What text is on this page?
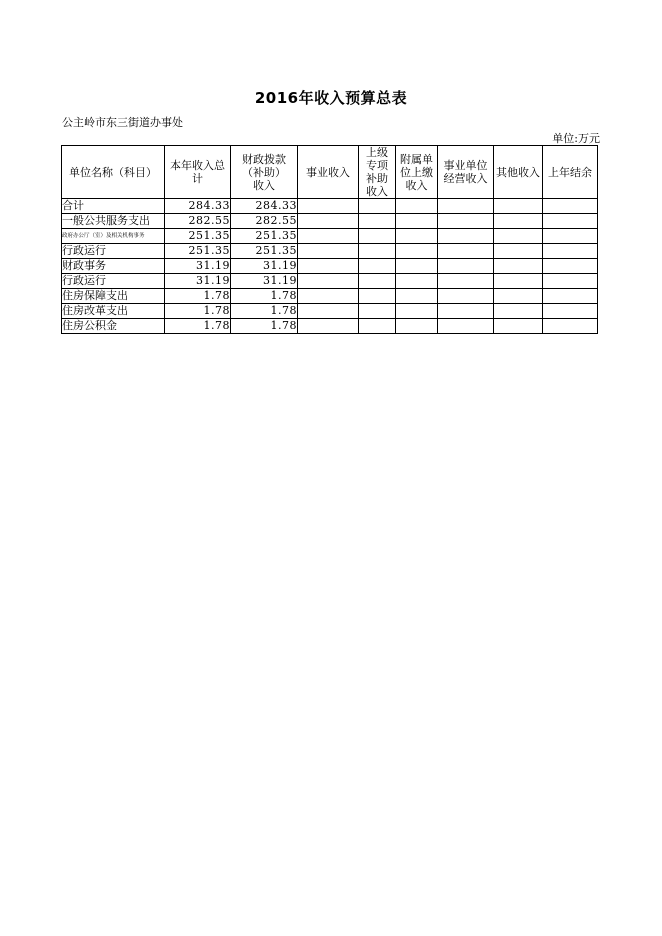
2016年收入预算总表
公主岭市东三街道办事处
单位:万元
单位名称（科目）	本年收入总计	财政拨款（补助）收入	事业收入	上级专项补助收入	附属单位上缴收入	事业单位经营收入	其他收入	上年结余
合计	284.33	284.33						
一般公共服务支出	282.55	282.55						
政府办公厅（室）及相关机构事务	251.35	251.35						
行政运行	251.35	251.35						
财政事务	31.19	31.19						
行政运行	31.19	31.19						
住房保障支出	1.78	1.78						
住房改革支出	1.78	1.78						
住房公积金	1.78	1.78						
